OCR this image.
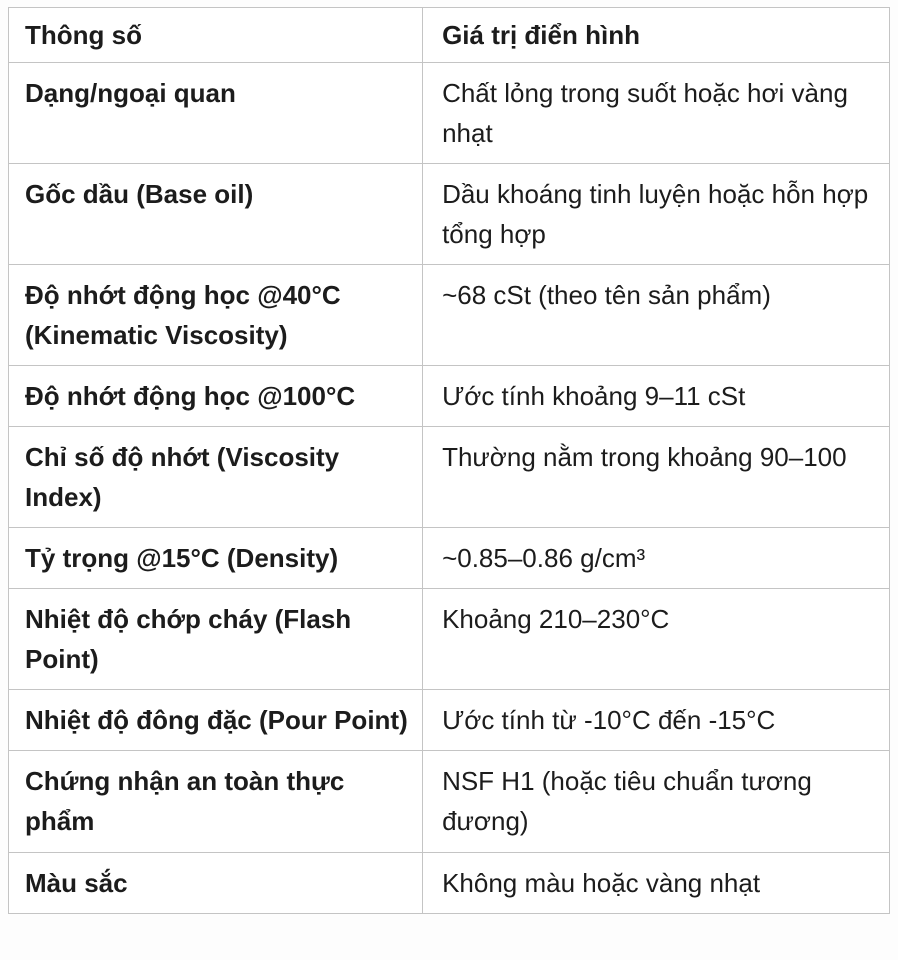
Thông số	Giá trị điển hình
Dạng/ngoại quan	Chất lỏng trong suốt hoặc hơi vàng nhạt
Gốc dầu (Base oil)	Dầu khoáng tinh luyện hoặc hỗn hợp tổng hợp
Độ nhớt động học @40°C (Kinematic Viscosity)	~68 cSt (theo tên sản phẩm)
Độ nhớt động học @100°C	Ước tính khoảng 9–11 cSt
Chỉ số độ nhớt (Viscosity Index)	Thường nằm trong khoảng 90–100
Tỷ trọng @15°C (Density)	~0.85–0.86 g/cm³
Nhiệt độ chớp cháy (Flash Point)	Khoảng 210–230°C
Nhiệt độ đông đặc (Pour Point)	Ước tính từ -10°C đến -15°C
Chứng nhận an toàn thực phẩm	NSF H1 (hoặc tiêu chuẩn tương đương)
Màu sắc	Không màu hoặc vàng nhạt
